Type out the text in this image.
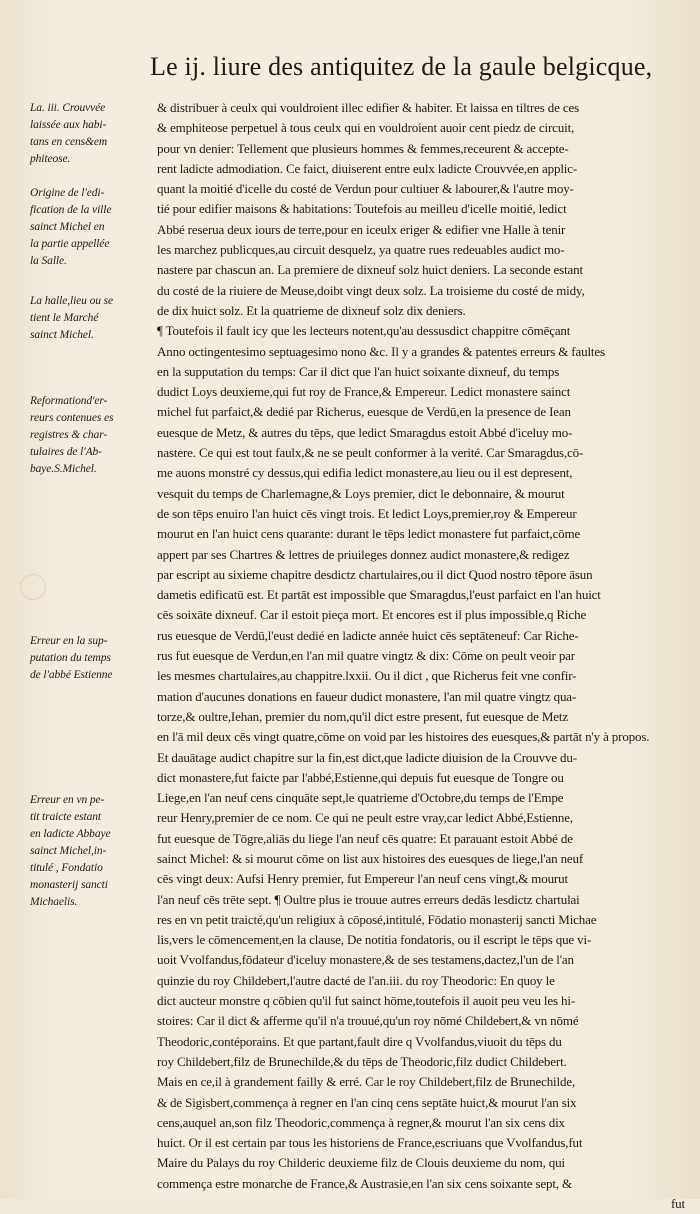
Le ij. liure des antiquitez de la gaule belgicque,
La. iii. Crouvvée
laissée aux habi-
tans en cens&em
phiteose.
Origine de l'edi-
fication de la ville
sainct Michel en
la partie appellée
la Salle.
La halle,lieu ou se
tient le Marché
sainct Michel.
Reformationd'er-
reurs contenues es
registres & char-
tulaires de l'Ab-
baye.S.Michel.
Erreur en la sup-
putation du temps
de l'abbé Estienne
Erreur en vn pe-
tit traicte estant
en ladicte Abbaye
sainct Michel,in-
titulé , Fondatio
monasterij sancti
Michaelis.
& distribuer à ceulx qui vouldroient illec edifier & habiter. Et laissa en tiltres de ces
& emphiteose perpetuel à tous ceulx qui en vouldroient auoir cent piedz de circuit,
pour vn denier: Tellement que plusieurs hommes & femmes,receurent & accepte-
rent ladicte admodiation. Ce faict, diuiserent entre eulx ladicte Crouvvée,en applic-
quant la moitié d'icelle du costé de Verdun pour cultiuer & labourer,& l'autre moy-
tié pour edifier maisons & habitations: Toutefois au meilleu d'icelle moitié, ledict
Abbé reserua deux iours de terre,pour en iceulx eriger & edifier vne Halle à tenir
les marchez publicques,au circuit desquelz, ya quatre rues redeuables audict mo-
nastere par chascun an. La premiere de dixneuf solz huict deniers. La seconde estant
du costé de la riuiere de Meuse,doibt vingt deux solz. La troisieme du costé de midy,
de dix huict solz. Et la quatrieme de dixneuf solz dix deniers.
¶ Toutefois il fault icy que les lecteurs notent,qu'au dessusdict chappitre cōmēçant
Anno octingentesimo septuagesimo nono &c. Il y a grandes & patentes erreurs & faultes
en la supputation du temps: Car il dict que l'an huict soixante dixneuf, du temps
dudict Loys deuxieme,qui fut roy de France,& Empereur. Ledict monastere sainct
michel fut parfaict,& dedié par Richerus, euesque de Verdū,en la presence de Iean
euesque de Metz, & autres du tēps, que ledict Smaragdus estoit Abbé d'iceluy mo-
nastere. Ce qui est tout faulx,& ne se peult conformer à la verité. Car Smaragdus,cō-
me auons monstré cy dessus,qui edifia ledict monastere,au lieu ou il est depresent,
vesquit du temps de Charlemagne,& Loys premier, dict le debonnaire, & mourut
de son tēps enuiro l'an huict cēs vingt trois. Et ledict Loys,premier,roy & Empereur
mourut en l'an huict cens quarante: durant le tēps ledict monastere fut parfaict,cōme
appert par ses Chartres & lettres de priuileges donnez audict monastere,& redigez
par escript au sixieme chapitre desdictz chartulaires,ou il dict Quod nostro tēpore āsun
dametis edificatū est. Et partāt est impossible que Smaragdus,l'eust parfaict en l'an huict
cēs soixāte dixneuf. Car il estoit pieça mort. Et encores est il plus impossible,q Riche
rus euesque de Verdū,l'eust dedié en ladicte année huict cēs septāteneuf: Car Riche-
rus fut euesque de Verdun,en l'an mil quatre vingtz & dix: Cōme on peult veoir par
les mesmes chartulaires,au chappitre.lxxii. Ou il dict , que Richerus feit vne confir-
mation d'aucunes donations en faueur dudict monastere, l'an mil quatre vingtz qua-
torze,& oultre,Iehan, premier du nom,qu'il dict estre present, fut euesque de Metz
en l'ā mil deux cēs vingt quatre,cōme on void par les histoires des euesques,& partāt n'y à propos.
Et dauātage audict chapitre sur la fin,est dict,que ladicte diuision de la Crouvve du-
dict monastere,fut faicte par l'abbé,Estienne,qui depuis fut euesque de Tongre ou
Liege,en l'an neuf cens cinquāte sept,le quatrieme d'Octobre,du temps de l'Empe
reur Henry,premier de ce nom. Ce qui ne peult estre vray,car ledict Abbé,Estienne,
fut euesque de Tōgre,aliās du liege l'an neuf cēs quatre: Et parauant estoit Abbé de
sainct Michel: & si mourut cōme on list aux histoires des euesques de liege,l'an neuf
cēs vingt deux: Aufsi Henry premier, fut Empereur l'an neuf cens vingt,& mourut
l'an neuf cēs trēte sept. ¶ Oultre plus ie trouue autres erreurs dedās lesdictz chartulai
res en vn petit traicté,qu'un religiux à cōposé,intitulé, Fōdatio monasterij sancti Michae
lis,vers le cōmencement,en la clause, De notitia fondatoris, ou il escript le tēps que vi-
uoit Vvolfandus,fōdateur d'iceluy monastere,& de ses testamens,dactez,l'un de l'an
quinzie du roy Childebert,l'autre dacté de l'an.iii. du roy Theodoric: En quoy le
dict aucteur monstre q cōbien qu'il fut sainct hōme,toutefois il auoit peu veu les hi-
stoires: Car il dict & afferme qu'il n'a trouué,qu'un roy nōmé Childebert,& vn nōmé
Theodoric,contéporains. Et que partant,fault dire q Vvolfandus,viuoit du tēps du
roy Childebert,filz de Brunechilde,& du tēps de Theodoric,filz dudict Childebert.
Mais en ce,il à grandement failly & erré. Car le roy Childebert,filz de Brunechilde,
& de Sigisbert,commença à regner en l'an cinq cens septāte huict,& mourut l'an six
cens,auquel an,son filz Theodoric,commença à regner,& mourut l'an six cens dix
huict. Or il est certain par tous les historiens de France,escriuans que Vvolfandus,fut
Maire du Palays du roy Childeric deuxieme filz de Clouis deuxieme du nom, qui
commença estre monarche de France,& Austrasie,en l'an six cens soixante sept, &
fut
